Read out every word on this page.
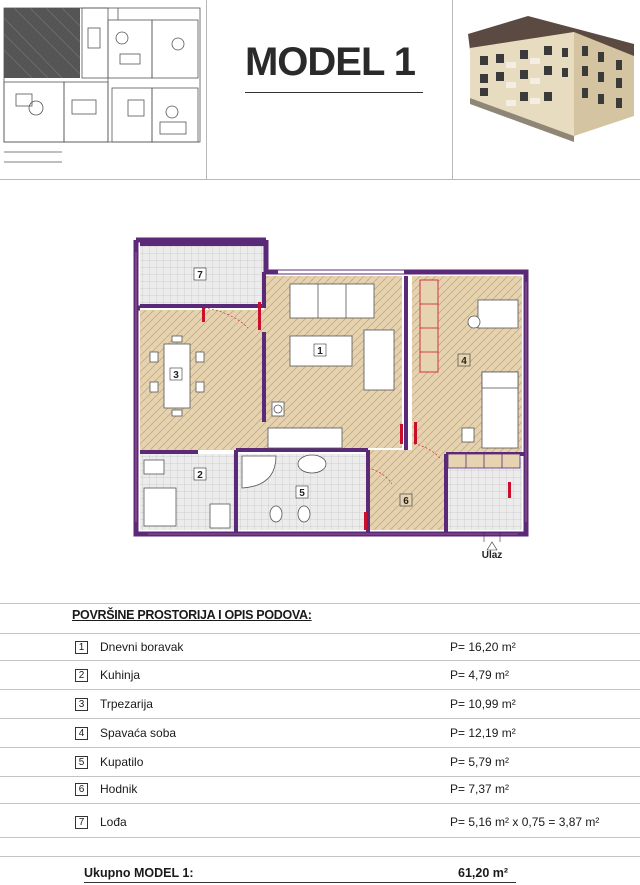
MODEL 1
1
2
3
4
5
6
7
Ulaz
POVRŠINE PROSTORIJA I OPIS PODOVA:
1	Dnevni boravak	P= 16,20 m²
2	Kuhinja	P= 4,79 m²
3	Trpezarija	P= 10,99 m²
4	Spavaća soba	P= 12,19 m²
5	Kupatilo	P= 5,79 m²
6	Hodnik	P= 7,37 m²
7	Lođa	P= 5,16 m² x 0,75 = 3,87 m²
Ukupno MODEL 1:	61,20 m²
